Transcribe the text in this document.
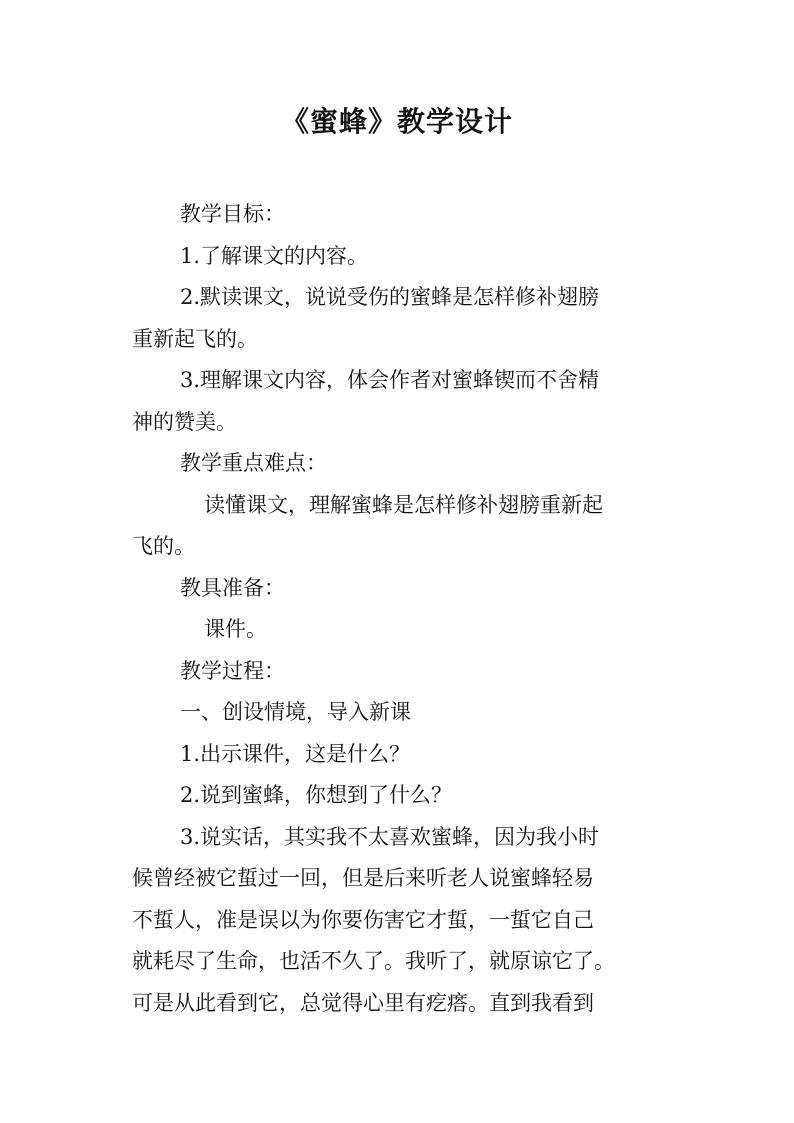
《蜜蜂》教学设计

教学目标：

1.了解课文的内容。

2.默读课文，说说受伤的蜜蜂是怎样修补翅膀

重新起飞的。

3.理解课文内容，体会作者对蜜蜂锲而不舍精

神的赞美。

教学重点难点：

读懂课文，理解蜜蜂是怎样修补翅膀重新起

飞的。

教具准备：

课件。

教学过程：

一、创设情境，导入新课

1.出示课件，这是什么？

2.说到蜜蜂，你想到了什么？

3.说实话，其实我不太喜欢蜜蜂，因为我小时

候曾经被它蜇过一回，但是后来听老人说蜜蜂轻易

不蜇人，准是误以为你要伤害它才蜇，一蜇它自己

就耗尽了生命，也活不久了。我听了，就原谅它了。

可是从此看到它，总觉得心里有疙瘩。直到我看到
